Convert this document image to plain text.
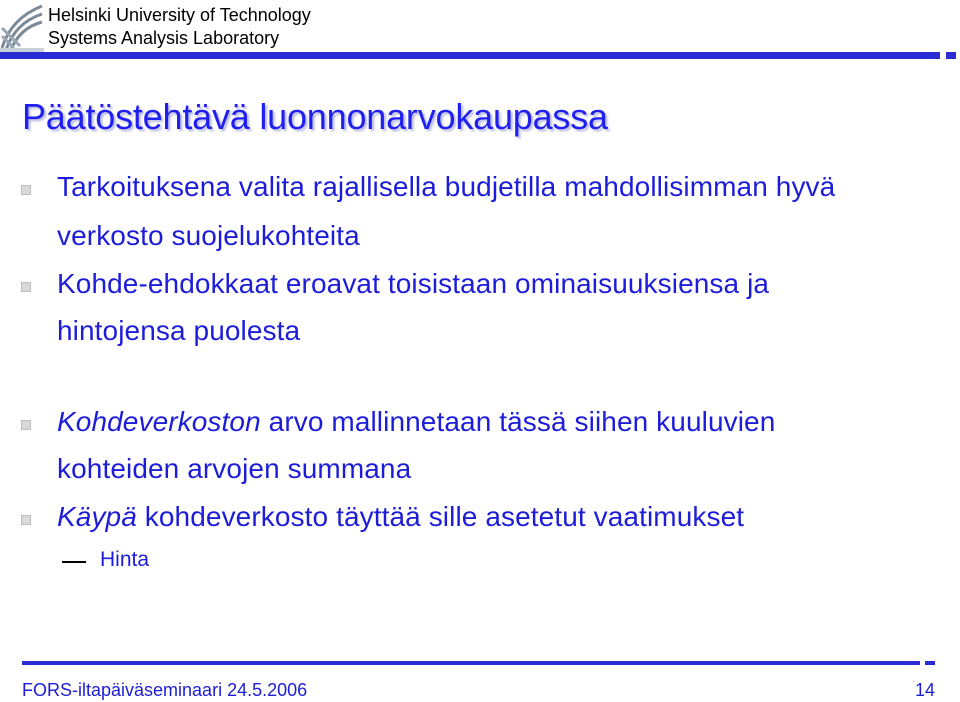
Helsinki University of Technology
Systems Analysis Laboratory
Päätöstehtävä luonnonarvokaupassa
Tarkoituksena valita rajallisella budjetilla mahdollisimman hyvä
verkosto suojelukohteita
Kohde-ehdokkaat eroavat toisistaan ominaisuuksiensa ja
hintojensa puolesta
Kohdeverkoston arvo mallinnetaan tässä siihen kuuluvien
kohteiden arvojen summana
Käypä kohdeverkosto täyttää sille asetetut vaatimukset
Hinta
FORS-iltapäiväseminaari 24.5.2006	14
